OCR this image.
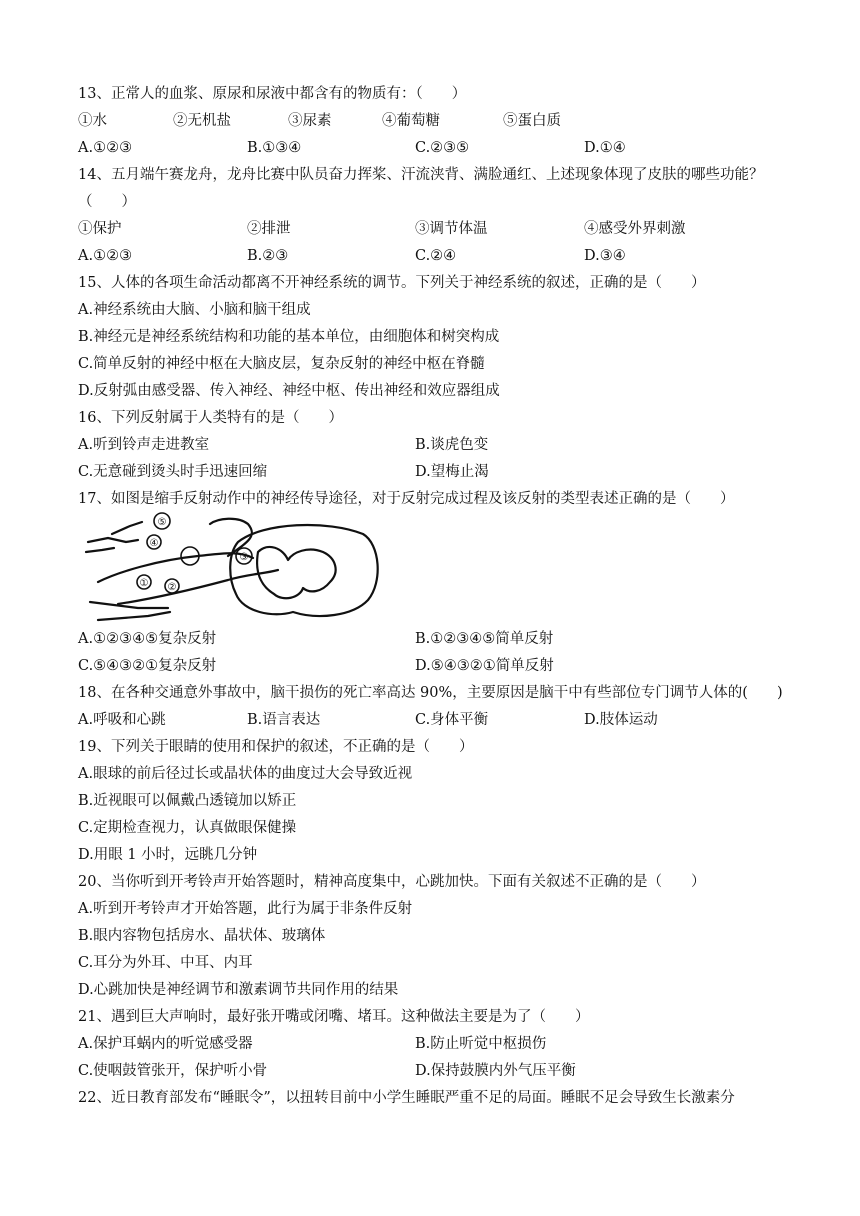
13、正常人的血浆、原尿和尿液中都含有的物质有：（　　）
①水	②无机盐	③尿素	④葡萄糖	⑤蛋白质
A.①②③	B.①③④	C.②③⑤	D.①④
14、五月端午赛龙舟，龙舟比赛中队员奋力挥桨、汗流浃背、满脸通红、上述现象体现了皮肤的哪些功能？
（　　）
①保护	②排泄	③调节体温	④感受外界刺激
A.①②③	B.②③	C.②④	D.③④
15、人体的各项生命活动都离不开神经系统的调节。下列关于神经系统的叙述，正确的是（　　）
A.神经系统由大脑、小脑和脑干组成
B.神经元是神经系统结构和功能的基本单位，由细胞体和树突构成
C.简单反射的神经中枢在大脑皮层，复杂反射的神经中枢在脊髓
D.反射弧由感受器、传入神经、神经中枢、传出神经和效应器组成
16、下列反射属于人类特有的是（　　）
A.听到铃声走进教室	B.谈虎色变
C.无意碰到烫头时手迅速回缩	D.望梅止渴
17、如图是缩手反射动作中的神经传导途径，对于反射完成过程及该反射的类型表述正确的是（　　）
⑤
④
① ②
③
A.①②③④⑤复杂反射	B.①②③④⑤简单反射
C.⑤④③②①复杂反射	D.⑤④③②①简单反射
18、在各种交通意外事故中，脑干损伤的死亡率高达 90%，主要原因是脑干中有些部位专门调节人体的(　　)
A.呼吸和心跳	B.语言表达	C.身体平衡	D.肢体运动
19、下列关于眼睛的使用和保护的叙述，不正确的是（　　）
A.眼球的前后径过长或晶状体的曲度过大会导致近视
B.近视眼可以佩戴凸透镜加以矫正
C.定期检查视力，认真做眼保健操
D.用眼 1 小时，远眺几分钟
20、当你听到开考铃声开始答题时，精神高度集中，心跳加快。下面有关叙述不正确的是（　　）
A.听到开考铃声才开始答题，此行为属于非条件反射
B.眼内容物包括房水、晶状体、玻璃体
C.耳分为外耳、中耳、内耳
D.心跳加快是神经调节和激素调节共同作用的结果
21、遇到巨大声响时，最好张开嘴或闭嘴、堵耳。这种做法主要是为了（　　）
A.保护耳蜗内的听觉感受器	B.防止听觉中枢损伤
C.使咽鼓管张开，保护听小骨	D.保持鼓膜内外气压平衡
22、近日教育部发布“睡眠令”，以扭转目前中小学生睡眠严重不足的局面。睡眠不足会导致生长激素分
